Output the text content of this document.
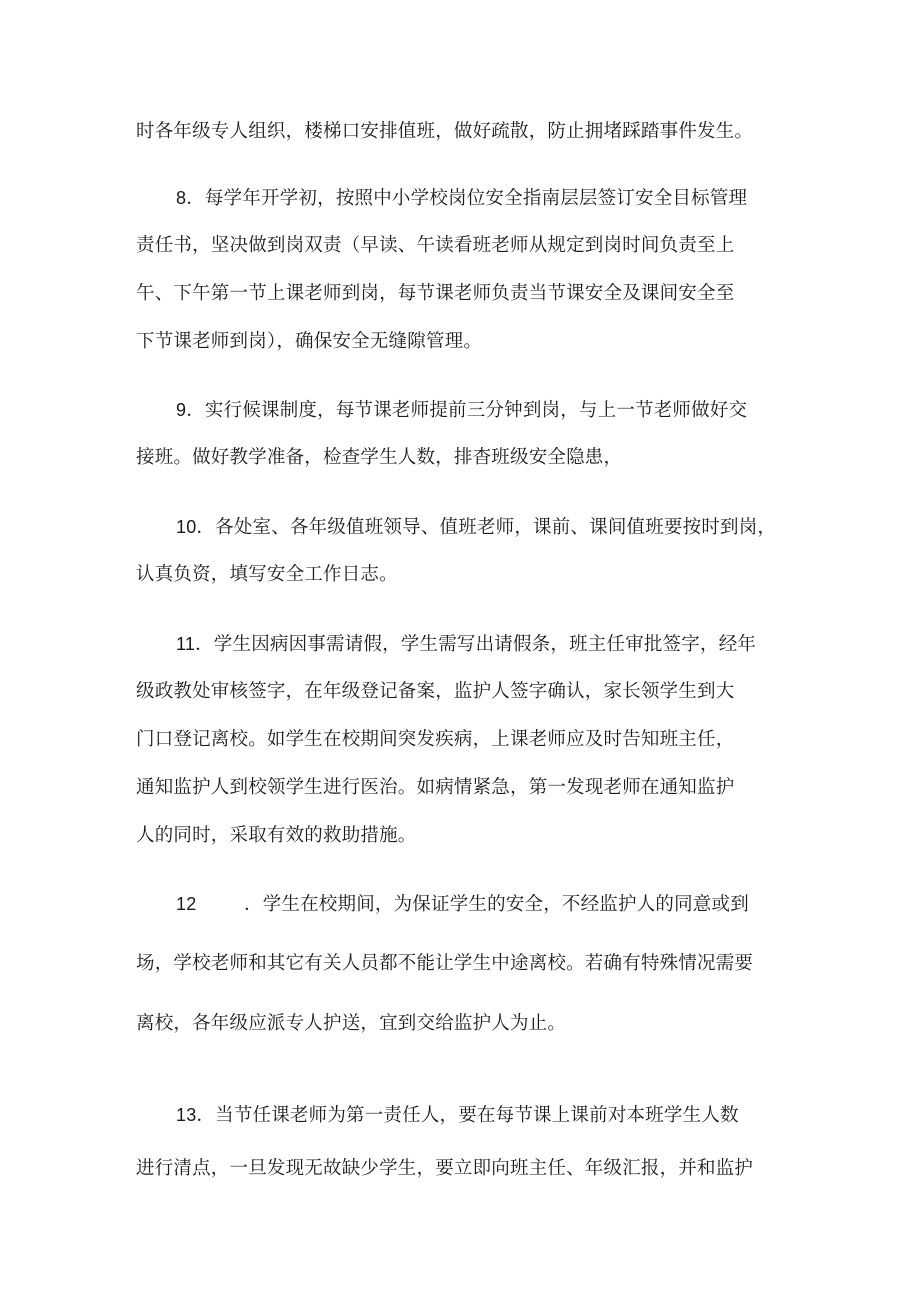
时各年级专人组织，楼梯口安排值班，做好疏散，防止拥堵踩踏事件发生。
8．每学年开学初，按照中小学校岗位安全指南层层签订安全目标管理
责任书，坚决做到岗双责（早读、午读看班老师从规定到岗时间负责至上
午、下午第一节上课老师到岗，每节课老师负责当节课安全及课间安全至
下节课老师到岗），确保安全无缝隙管理。
9．实行候课制度，每节课老师提前三分钟到岗，与上一节老师做好交
接班。做好教学准备，检查学生人数，排杳班级安全隐患，
10．各处室、各年级值班领导、值班老师，课前、课间值班要按时到岗，
认真负资，填写安全工作日志。
11．学生因病因事需请假，学生需写出请假条，班主任审批签字，经年
级政教处审核签字，在年级登记备案，监护人签字确认，家长领学生到大
门口登记离校。如学生在校期间突发疾病，上课老师应及时告知班主任，
通知监护人到校领学生进行医治。如病情紧急，第一发现老师在通知监护
人的同时，采取有效的救助措施。
12	．学生在校期间，为保证学生的安全，不经监护人的同意或到
场，学校老师和其它有关人员都不能让学生中途离校。若确有特殊情况需要
离校，各年级应派专人护送，宜到交给监护人为止。
13．当节任课老师为第一责任人，要在每节课上课前对本班学生人数
进行清点，一旦发现无故缺少学生，要立即向班主任、年级汇报，并和监护
